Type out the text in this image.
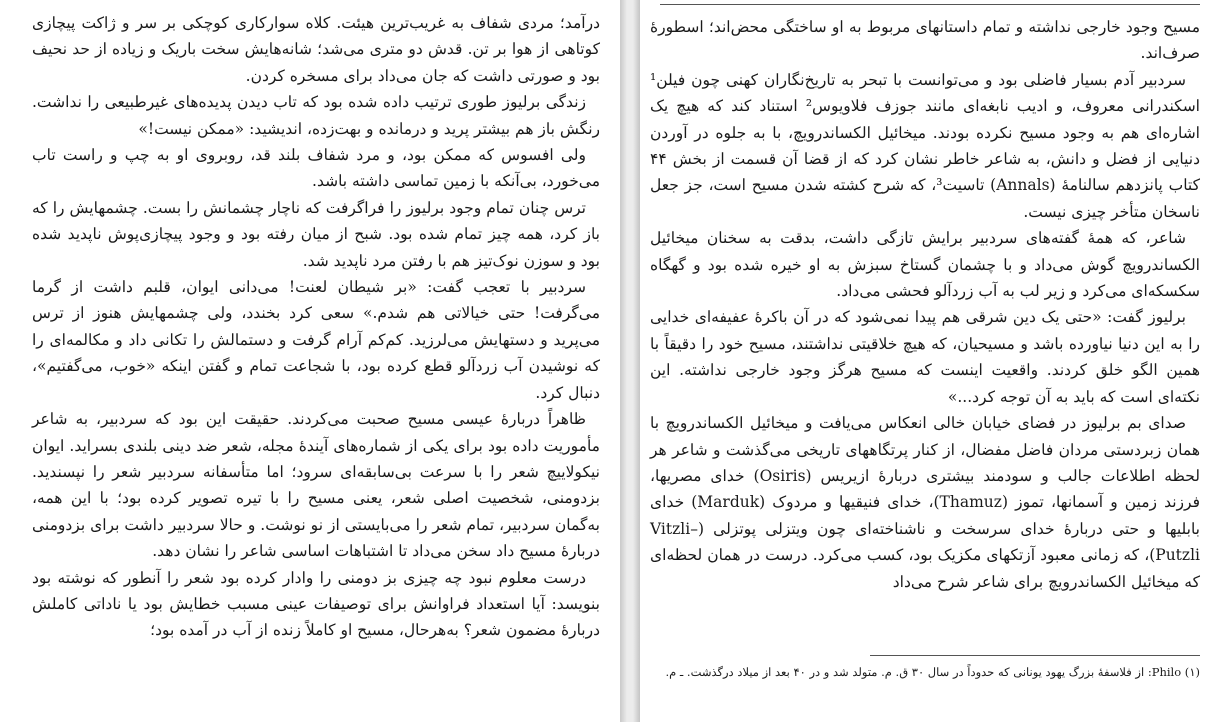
درآمد؛ مردی شفاف به غریب‌ترین هیئت. کلاه سوارکاری کوچکی بر سر و ژاکت پیچازی کوتاهی از هوا بر تن. قدش دو متری می‌شد؛ شانه‌هایش سخت باریک و زیاده از حد نحیف بود و صورتی داشت که جان می‌داد برای مسخره کردن.

زندگی برلیوز طوری ترتیب داده شده بود که تاب دیدن پدیده‌های غیرطبیعی را نداشت. رنگش باز هم بیشتر پرید و درمانده و بهت‌زده، اندیشید: «ممکن نیست!»

ولی افسوس که ممکن بود، و مرد شفاف بلند قد، روبروی او به چپ و راست تاب می‌خورد، بی‌آنکه با زمین تماسی داشته باشد.

ترس چنان تمام وجود برلیوز را فراگرفت که ناچار چشمانش را بست. چشمهایش را که باز کرد، همه چیز تمام شده بود. شبح از میان رفته بود و وجود پیچازی‌پوش ناپدید شده بود و سوزن نوک‌تیز هم با رفتن مرد ناپدید شد.

سردبیر با تعجب گفت: «بر شیطان لعنت! می‌دانی ایوان، قلبم داشت از گرما می‌گرفت! حتی خیالاتی هم شدم.» سعی کرد بخندد، ولی چشمهایش هنوز از ترس می‌پرید و دستهایش می‌لرزید. کم‌کم آرام گرفت و دستمالش را تکانی داد و مکالمه‌ای را که نوشیدن آب زردآلو قطع کرده بود، با شجاعت تمام و گفتن اینکه «خوب، می‌گفتیم»، دنبال کرد.

ظاهراً دربارهٔ عیسی مسیح صحبت می‌کردند. حقیقت این بود که سردبیر، به شاعر مأموریت داده بود برای یکی از شماره‌های آیندهٔ مجله، شعر ضد دینی بلندی بسراید. ایوان نیکولاییچ شعر را با سرعت بی‌سابقه‌ای سرود؛ اما متأسفانه سردبیر شعر را نپسندید. بزدومنی، شخصیت اصلی شعر، یعنی مسیح را با تیره تصویر کرده بود؛ با این همه، به‌گمان سردبیر، تمام شعر را می‌بایستی از نو نوشت. و حالا سردبیر داشت برای بزدومنی دربارهٔ مسیح داد سخن می‌داد تا اشتباهات اساسی شاعر را نشان دهد.

درست معلوم نبود چه چیزی بز دومنی را وادار کرده بود شعر را آنطور که نوشته بود بنویسد: آیا استعداد فراوانش برای توصیفات عینی مسبب خطایش بود یا ناداتی کاملش دربارهٔ مضمون شعر؟ به‌هرحال، مسیح او کاملاً زنده از آب در آمده بود؛

مسیح وجود خارجی نداشته و تمام داستانهای مربوط به او ساختگی محض‌اند؛ اسطورهٔ صرف‌اند.

سردبیر آدم بسیار فاضلی بود و می‌توانست با تبحر به تاریخ‌نگاران کهنی چون فیلن¹ اسکندرانی معروف، و ادیب نابغه‌ای مانند جوزف فلاویوس² استناد کند که هیچ یک اشاره‌ای هم به وجود مسیح نکرده بودند. میخائیل الکساندرویچ، با به جلوه در آوردن دنیایی از فضل و دانش، به شاعر خاطر نشان کرد که از قضا آن قسمت از بخش ۴۴ کتاب پانزدهم سالنامهٔ (Annals) تاسیت³، که شرح کشته شدن مسیح است، جز جعل ناسخان متأخر چیزی نیست.

شاعر، که همهٔ گفته‌های سردبیر برایش تازگی داشت، بدقت به سخنان میخائیل الکساندرویچ گوش می‌داد و با چشمان گستاخ سبزش به او خیره شده بود و گهگاه سکسکه‌ای می‌کرد و زیر لب به آب زردآلو فحشی می‌داد.

برلیوز گفت: «حتی یک دین شرقی هم پیدا نمی‌شود که در آن باکرهٔ عفیفه‌ای خدایی را به این دنیا نیاورده باشد و مسیحیان، که هیچ خلاقیتی نداشتند، مسیح خود را دقیقاً با همین الگو خلق کردند. واقعیت اینست که مسیح هرگز وجود خارجی نداشته. این نکته‌ای است که باید به آن توجه کرد...»

صدای بم برلیوز در فضای خیابان خالی انعکاس می‌یافت و میخائیل الکساندرویچ با همان زبردستی مردان فاضل مفضال، از کنار پرتگاههای تاریخی می‌گذشت و شاعر هر لحظه اطلاعات جالب و سودمند بیشتری دربارهٔ ازیریس (Osiris) خدای مصریها، فرزند زمین و آسمانها، تموز (Thamuz)، خدای فنیقیها و مردوک (Marduk) خدای بابلیها و حتی دربارهٔ خدای سرسخت و ناشناخته‌ای چون ویتزلی پوتزلی (Vitzli–Putzli)، که زمانی معبود آزتکهای مکزیک بود، کسب می‌کرد. درست در همان لحظه‌ای که میخائیل الکساندرویچ برای شاعر شرح می‌داد

(۱) Philo: از فلاسفهٔ بزرگ یهود یونانی که حدوداً در سال ۳۰ ق. م. متولد شد و در ۴۰ بعد از میلاد درگذشت. ـ م.
